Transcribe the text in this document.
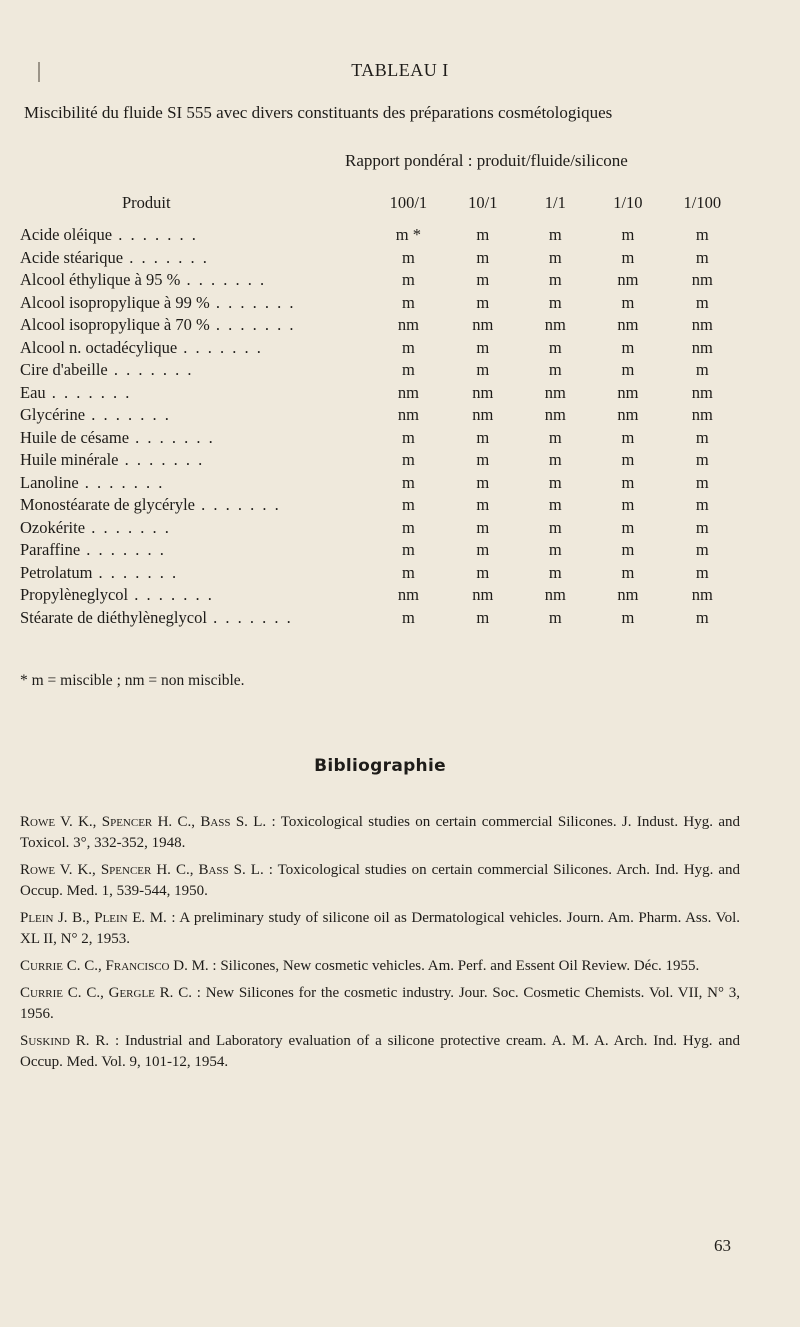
TABLEAU I
Miscibilité du fluide SI 555 avec divers constituants des préparations cosmétologiques
Rapport pondéral : produit/fluide/silicone
Produit	100/1	10/1	1/1	1/10	1/100
Acide oléique . . . . . . .	m *	m	m	m	m
Acide stéarique . . . . . . .	m	m	m	m	m
Alcool éthylique à 95 % . . . . . . .	m	m	m	nm	nm
Alcool isopropylique à 99 % . . . . . . .	m	m	m	m	m
Alcool isopropylique à 70 % . . . . . . .	nm	nm	nm	nm	nm
Alcool n. octadécylique . . . . . . .	m	m	m	m	nm
Cire d'abeille . . . . . . .	m	m	m	m	m
Eau . . . . . . .	nm	nm	nm	nm	nm
Glycérine . . . . . . .	nm	nm	nm	nm	nm
Huile de césame . . . . . . .	m	m	m	m	m
Huile minérale . . . . . . .	m	m	m	m	m
Lanoline . . . . . . .	m	m	m	m	m
Monostéarate de glycéryle . . . . . . .	m	m	m	m	m
Ozokérite . . . . . . .	m	m	m	m	m
Paraffine . . . . . . .	m	m	m	m	m
Petrolatum . . . . . . .	m	m	m	m	m
Propylèneglycol . . . . . . .	nm	nm	nm	nm	nm
Stéarate de diéthylèneglycol . . . . . . .	m	m	m	m	m
* m = miscible ; nm = non miscible.
Bibliographie

Rowe V. K., Spencer H. C., Bass S. L. : Toxicological studies on certain commercial Silicones. J. Indust. Hyg. and Toxicol. 3°, 332-352, 1948.

Rowe V. K., Spencer H. C., Bass S. L. : Toxicological studies on certain commercial Silicones. Arch. Ind. Hyg. and Occup. Med. 1, 539-544, 1950.

Plein J. B., Plein E. M. : A preliminary study of silicone oil as Dermatological vehicles. Journ. Am. Pharm. Ass. Vol. XL II, N° 2, 1953.

Currie C. C., Francisco D. M. : Silicones, New cosmetic vehicles. Am. Perf. and Essent Oil Review. Déc. 1955.

Currie C. C., Gergle R. C. : New Silicones for the cosmetic industry. Jour. Soc. Cosmetic Chemists. Vol. VII, N° 3, 1956.

Suskind R. R. : Industrial and Laboratory evaluation of a silicone protective cream. A. M. A. Arch. Ind. Hyg. and Occup. Med. Vol. 9, 101-12, 1954.

63
